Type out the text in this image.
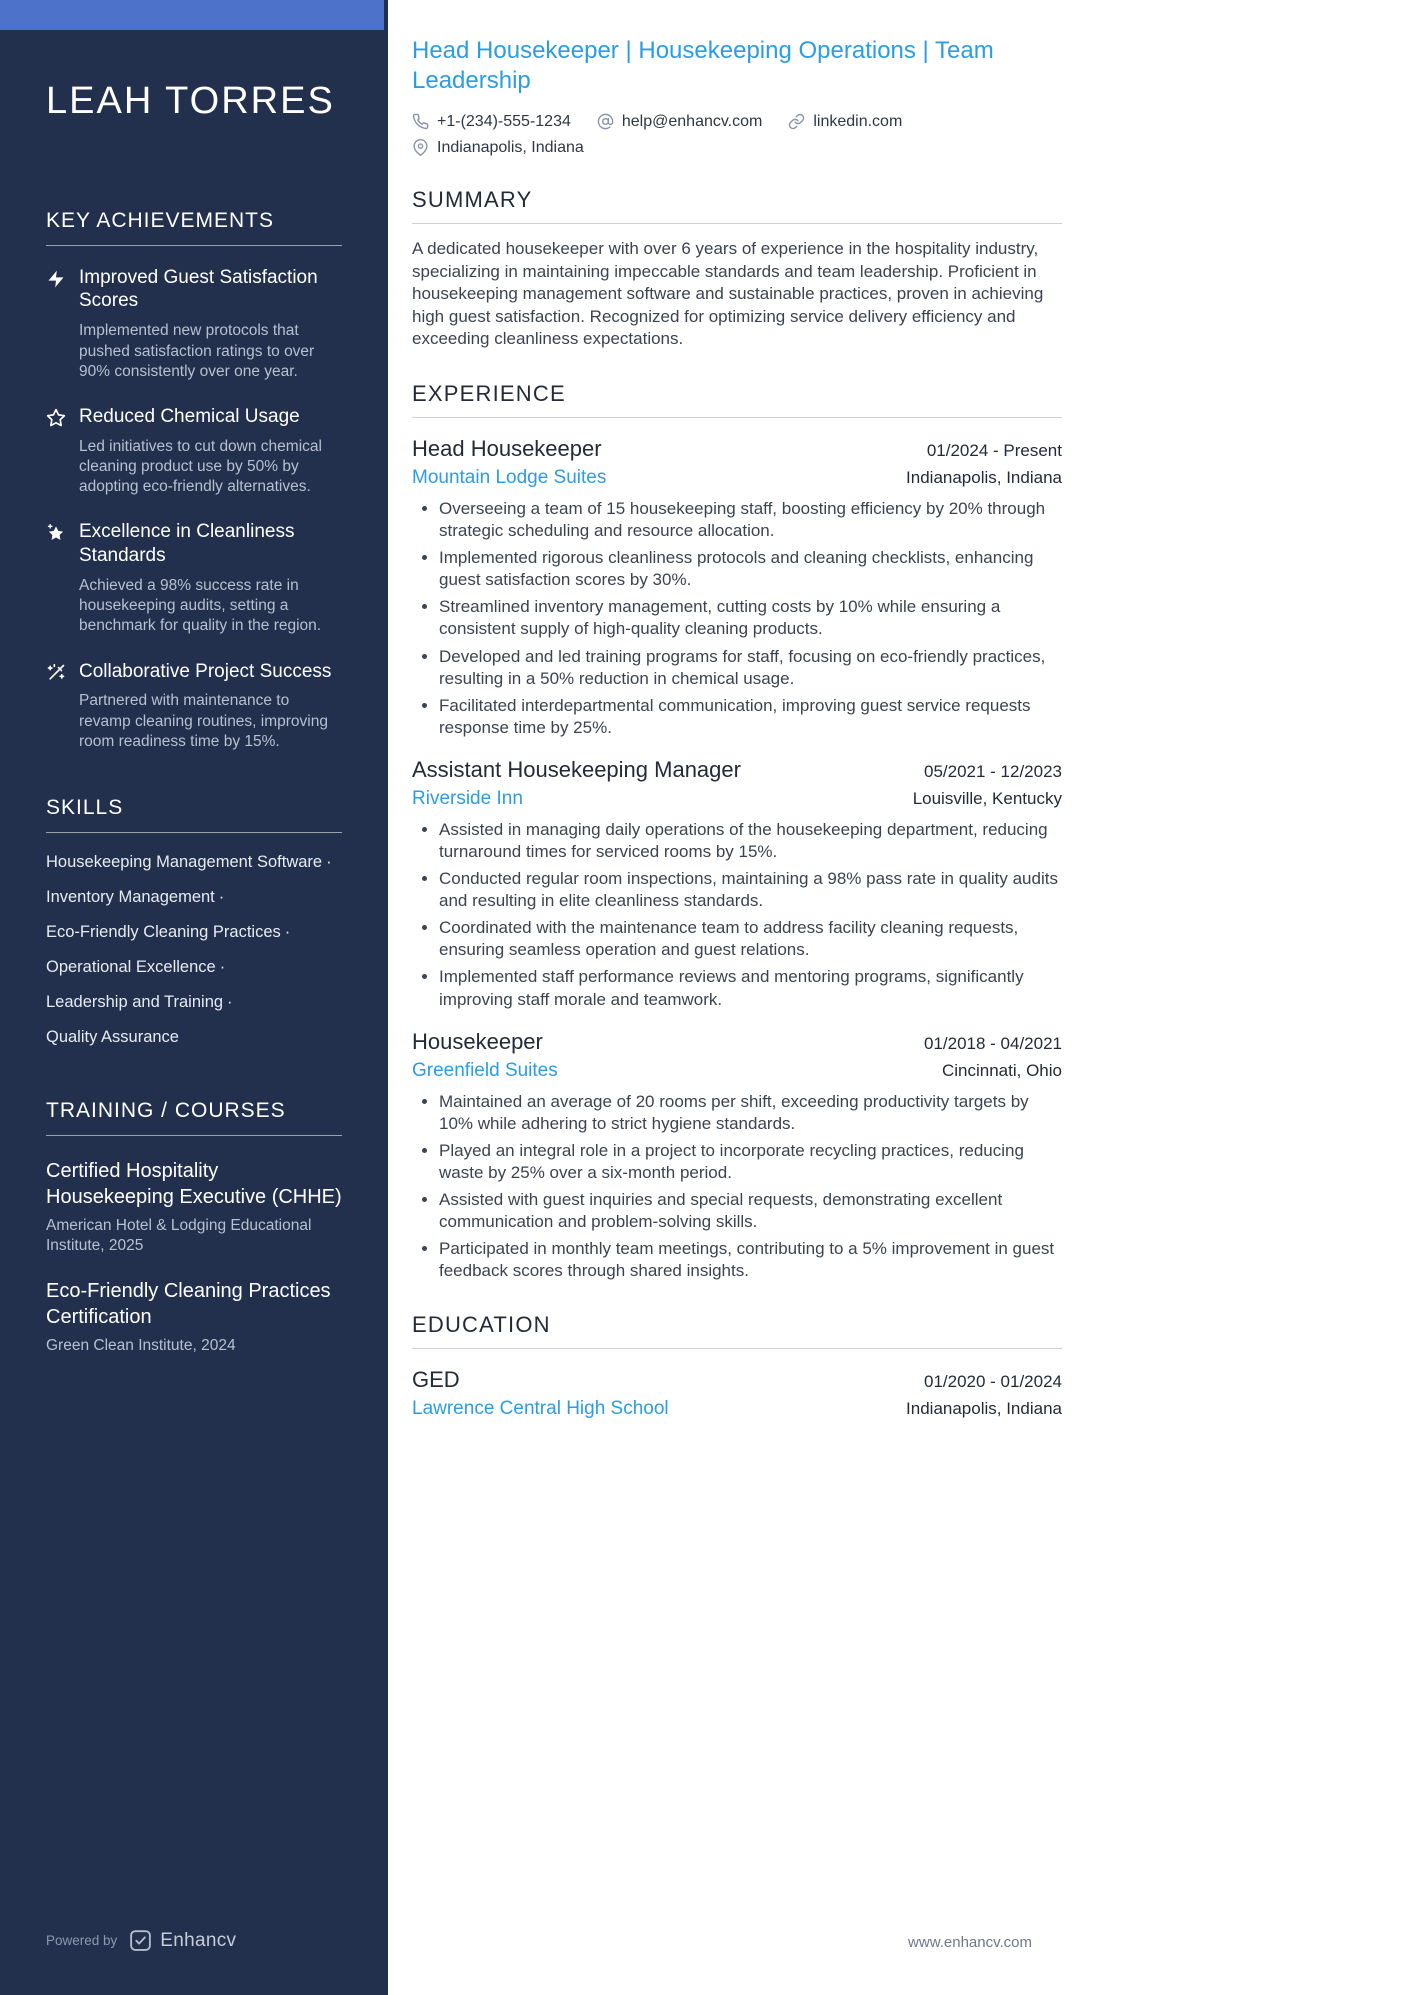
LEAH TORRES
KEY ACHIEVEMENTS
Improved Guest Satisfaction Scores
Implemented new protocols that pushed satisfaction ratings to over 90% consistently over one year.
Reduced Chemical Usage
Led initiatives to cut down chemical cleaning product use by 50% by adopting eco-friendly alternatives.
Excellence in Cleanliness Standards
Achieved a 98% success rate in housekeeping audits, setting a benchmark for quality in the region.
Collaborative Project Success
Partnered with maintenance to revamp cleaning routines, improving room readiness time by 15%.
SKILLS
Housekeeping Management Software ·
Inventory Management ·
Eco-Friendly Cleaning Practices ·
Operational Excellence ·
Leadership and Training ·
Quality Assurance
TRAINING / COURSES
Certified Hospitality Housekeeping Executive (CHHE)
American Hotel & Lodging Educational Institute, 2025
Eco-Friendly Cleaning Practices Certification
Green Clean Institute, 2024
Powered by Enhancv
Head Housekeeper | Housekeeping Operations | Team Leadership
+1-(234)-555-1234	help@enhancv.com	linkedin.com
Indianapolis, Indiana
SUMMARY

A dedicated housekeeper with over 6 years of experience in the hospitality industry, specializing in maintaining impeccable standards and team leadership. Proficient in housekeeping management software and sustainable practices, proven in achieving high guest satisfaction. Recognized for optimizing service delivery efficiency and exceeding cleanliness expectations.

EXPERIENCE
Head Housekeeper	01/2024 - Present
Mountain Lodge Suites	Indianapolis, Indiana
• Overseeing a team of 15 housekeeping staff, boosting efficiency by 20% through strategic scheduling and resource allocation.
• Implemented rigorous cleanliness protocols and cleaning checklists, enhancing guest satisfaction scores by 30%.
• Streamlined inventory management, cutting costs by 10% while ensuring a consistent supply of high-quality cleaning products.
• Developed and led training programs for staff, focusing on eco-friendly practices, resulting in a 50% reduction in chemical usage.
• Facilitated interdepartmental communication, improving guest service requests response time by 25%.
Assistant Housekeeping Manager	05/2021 - 12/2023
Riverside Inn	Louisville, Kentucky
• Assisted in managing daily operations of the housekeeping department, reducing turnaround times for serviced rooms by 15%.
• Conducted regular room inspections, maintaining a 98% pass rate in quality audits and resulting in elite cleanliness standards.
• Coordinated with the maintenance team to address facility cleaning requests, ensuring seamless operation and guest relations.
• Implemented staff performance reviews and mentoring programs, significantly improving staff morale and teamwork.
Housekeeper	01/2018 - 04/2021
Greenfield Suites	Cincinnati, Ohio
• Maintained an average of 20 rooms per shift, exceeding productivity targets by 10% while adhering to strict hygiene standards.
• Played an integral role in a project to incorporate recycling practices, reducing waste by 25% over a six-month period.
• Assisted with guest inquiries and special requests, demonstrating excellent communication and problem-solving skills.
• Participated in monthly team meetings, contributing to a 5% improvement in guest feedback scores through shared insights.
EDUCATION
GED	01/2020 - 01/2024
Lawrence Central High School	Indianapolis, Indiana
www.enhancv.com
